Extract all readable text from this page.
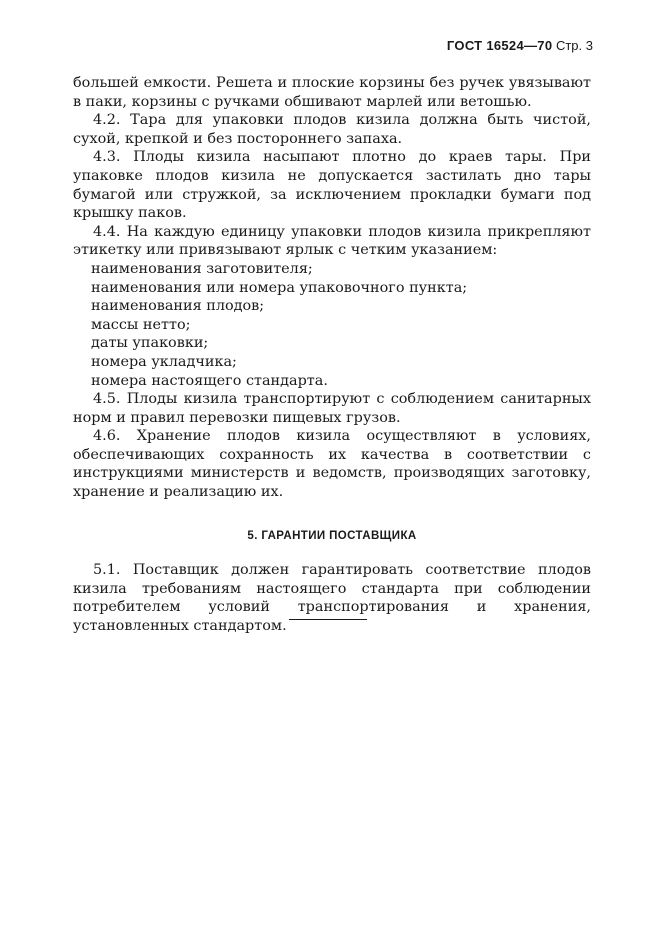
ГОСТ 16524—70 Стр. 3

большей емкости. Решета и плоские корзины без ручек увязывают в паки, корзины с ручками обшивают марлей или ветошью.

4.2. Тара для упаковки плодов кизила должна быть чистой, сухой, крепкой и без постороннего запаха.

4.3. Плоды кизила насыпают плотно до краев тары. При упаковке плодов кизила не допускается застилать дно тары бумагой или стружкой, за исключением прокладки бумаги под крышку паков.

4.4. На каждую единицу упаковки плодов кизила прикрепляют этикетку или привязывают ярлык с четким указанием:

наименования заготовителя;

наименования или номера упаковочного пункта;

наименования плодов;

массы нетто;

даты упаковки;

номера укладчика;

номера настоящего стандарта.

4.5. Плоды кизила транспортируют с соблюдением санитарных норм и правил перевозки пищевых грузов.

4.6. Хранение плодов кизила осуществляют в условиях, обеспечивающих сохранность их качества в соответствии с инструкциями министерств и ведомств, производящих заготовку, хранение и реализацию их.

5. ГАРАНТИИ ПОСТАВЩИКА

5.1. Поставщик должен гарантировать соответствие плодов кизила требованиям настоящего стандарта при соблюдении потребителем условий транспортирования и хранения, установленных стандартом.
